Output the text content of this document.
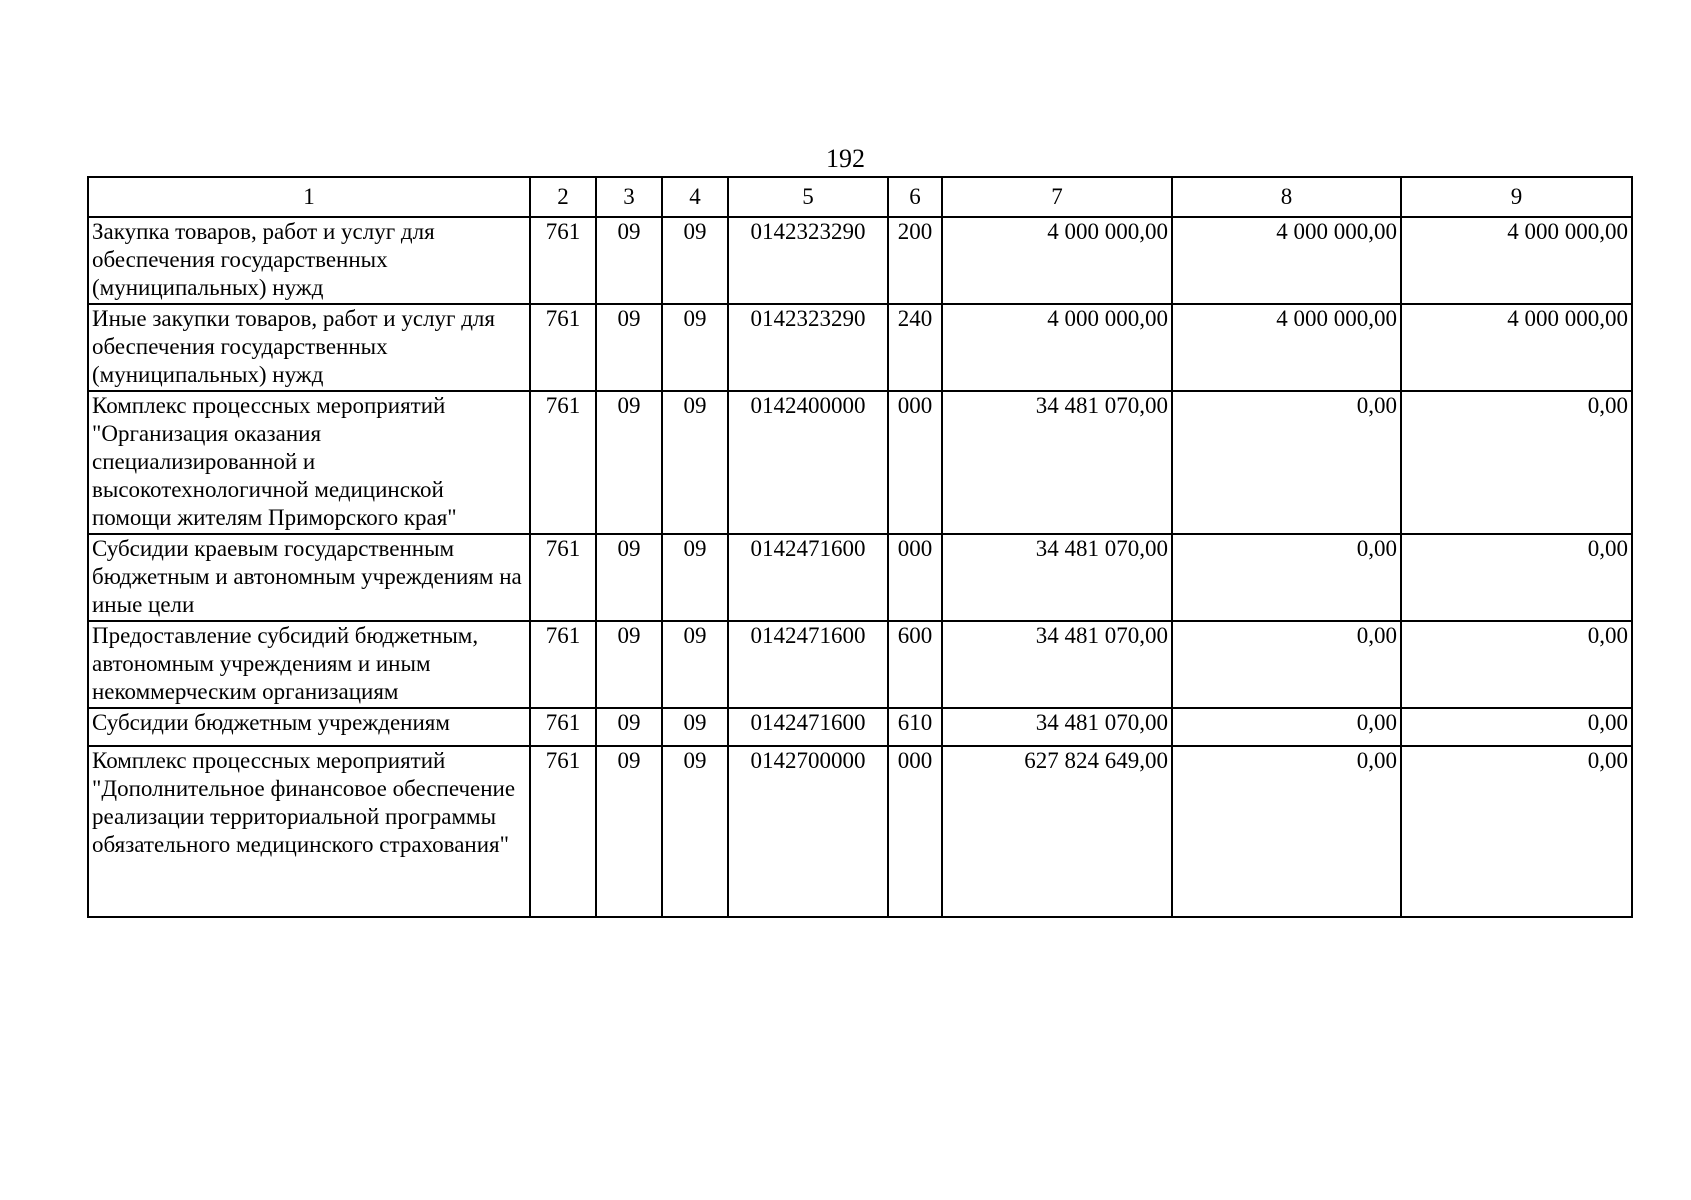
192
1	2	3	4	5	6	7	8	9
Закупка товаров, работ и услуг для обеспечения государственных (муниципальных) нужд	761	09	09	0142323290	200	4 000 000,00	4 000 000,00	4 000 000,00
Иные закупки товаров, работ и услуг для обеспечения государственных (муниципальных) нужд	761	09	09	0142323290	240	4 000 000,00	4 000 000,00	4 000 000,00
Комплекс процессных мероприятий "Организация оказания специализированной и высокотехнологичной медицинской помощи жителям Приморского края"	761	09	09	0142400000	000	34 481 070,00	0,00	0,00
Субсидии краевым государственным бюджетным и автономным учреждениям на иные цели	761	09	09	0142471600	000	34 481 070,00	0,00	0,00
Предоставление субсидий бюджетным, автономным учреждениям и иным некоммерческим организациям	761	09	09	0142471600	600	34 481 070,00	0,00	0,00
Субсидии бюджетным учреждениям	761	09	09	0142471600	610	34 481 070,00	0,00	0,00
Комплекс процессных мероприятий "Дополнительное финансовое обеспечение реализации территориальной программы обязательного медицинского страхования"	761	09	09	0142700000	000	627 824 649,00	0,00	0,00
